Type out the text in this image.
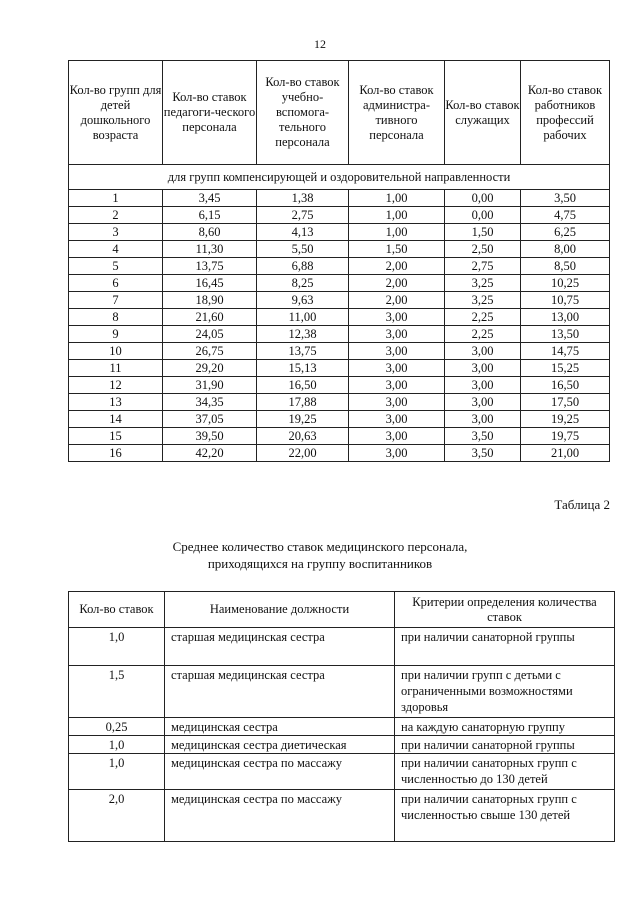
12
Кол-во групп для детей дошкольного возраста	Кол-во ставок педагоги-ческого персонала	Кол-во ставок учебно-вспомога-тельного персонала	Кол-во ставок администра-тивного персонала	Кол-во ставок служащих	Кол-во ставок работников профессий рабочих
для групп компенсирующей и оздоровительной направленности					
1	3,45	1,38	1,00	0,00	3,50
2	6,15	2,75	1,00	0,00	4,75
3	8,60	4,13	1,00	1,50	6,25
4	11,30	5,50	1,50	2,50	8,00
5	13,75	6,88	2,00	2,75	8,50
6	16,45	8,25	2,00	3,25	10,25
7	18,90	9,63	2,00	3,25	10,75
8	21,60	11,00	3,00	2,25	13,00
9	24,05	12,38	3,00	2,25	13,50
10	26,75	13,75	3,00	3,00	14,75
11	29,20	15,13	3,00	3,00	15,25
12	31,90	16,50	3,00	3,00	16,50
13	34,35	17,88	3,00	3,00	17,50
14	37,05	19,25	3,00	3,00	19,25
15	39,50	20,63	3,00	3,50	19,75
16	42,20	22,00	3,00	3,50	21,00
Таблица 2
Среднее количество ставок медицинского персонала,
приходящихся на группу воспитанников
Кол-во ставок	Наименование должности	Критерии определения количества ставок
1,0	старшая медицинская сестра	при наличии санаторной группы
1,5	старшая медицинская сестра	при наличии групп с детьми с ограниченными возможностями здоровья
0,25	медицинская сестра	на каждую санаторную группу
1,0	медицинская сестра диетическая	при наличии санаторной группы
1,0	медицинская сестра по массажу	при наличии санаторных групп с численностью до 130 детей
2,0	медицинская сестра по массажу	при наличии санаторных групп с численностью свыше 130 детей
